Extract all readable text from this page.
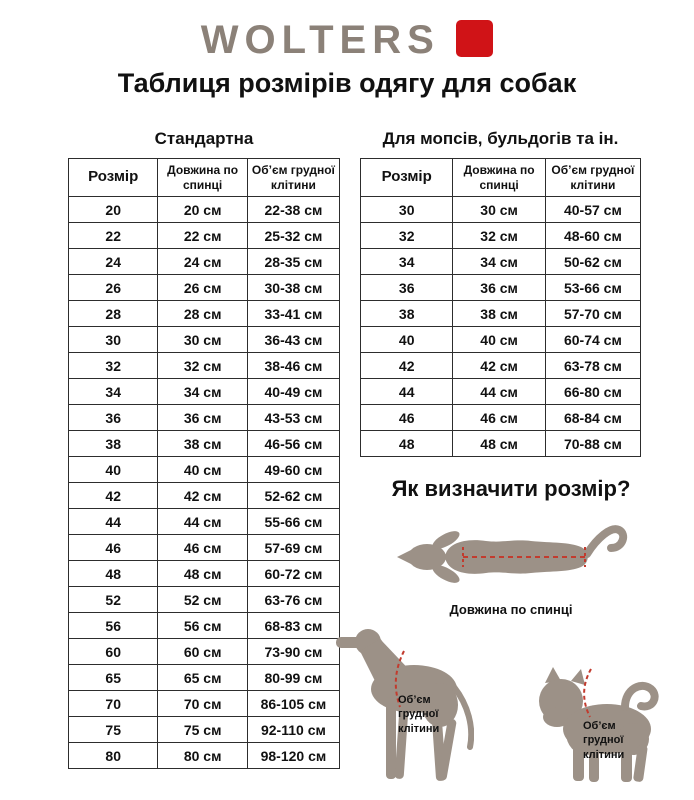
WOLTERS
Таблиця розмірів одягу для собак
Стандартна
Розмір	Довжина по спинці	Об’єм грудної клітини
20	20 см	22-38 см
22	22 см	25-32 см
24	24 см	28-35 см
26	26 см	30-38 см
28	28 см	33-41 см
30	30 см	36-43 см
32	32 см	38-46 см
34	34 см	40-49 см
36	36 см	43-53 см
38	38 см	46-56 см
40	40 см	49-60 см
42	42 см	52-62 см
44	44 см	55-66 см
46	46 см	57-69 см
48	48 см	60-72 см
52	52 см	63-76 см
56	56 см	68-83 см
60	60 см	73-90 см
65	65 см	80-99 см
70	70 см	86-105 см
75	75 см	92-110 см
80	80 см	98-120 см
Для мопсів, бульдогів та ін.
Розмір	Довжина по спинці	Об’єм грудної клітини
30	30 см	40-57 см
32	32 см	48-60 см
34	34 см	50-62 см
36	36 см	53-66 см
38	38 см	57-70 см
40	40 см	60-74 см
42	42 см	63-78 см
44	44 см	66-80 см
46	46 см	68-84 см
48	48 см	70-88 см
Як визначити розмір?
Довжина по спинці
Об’єм грудної клітини	Об’єм грудної клітини
